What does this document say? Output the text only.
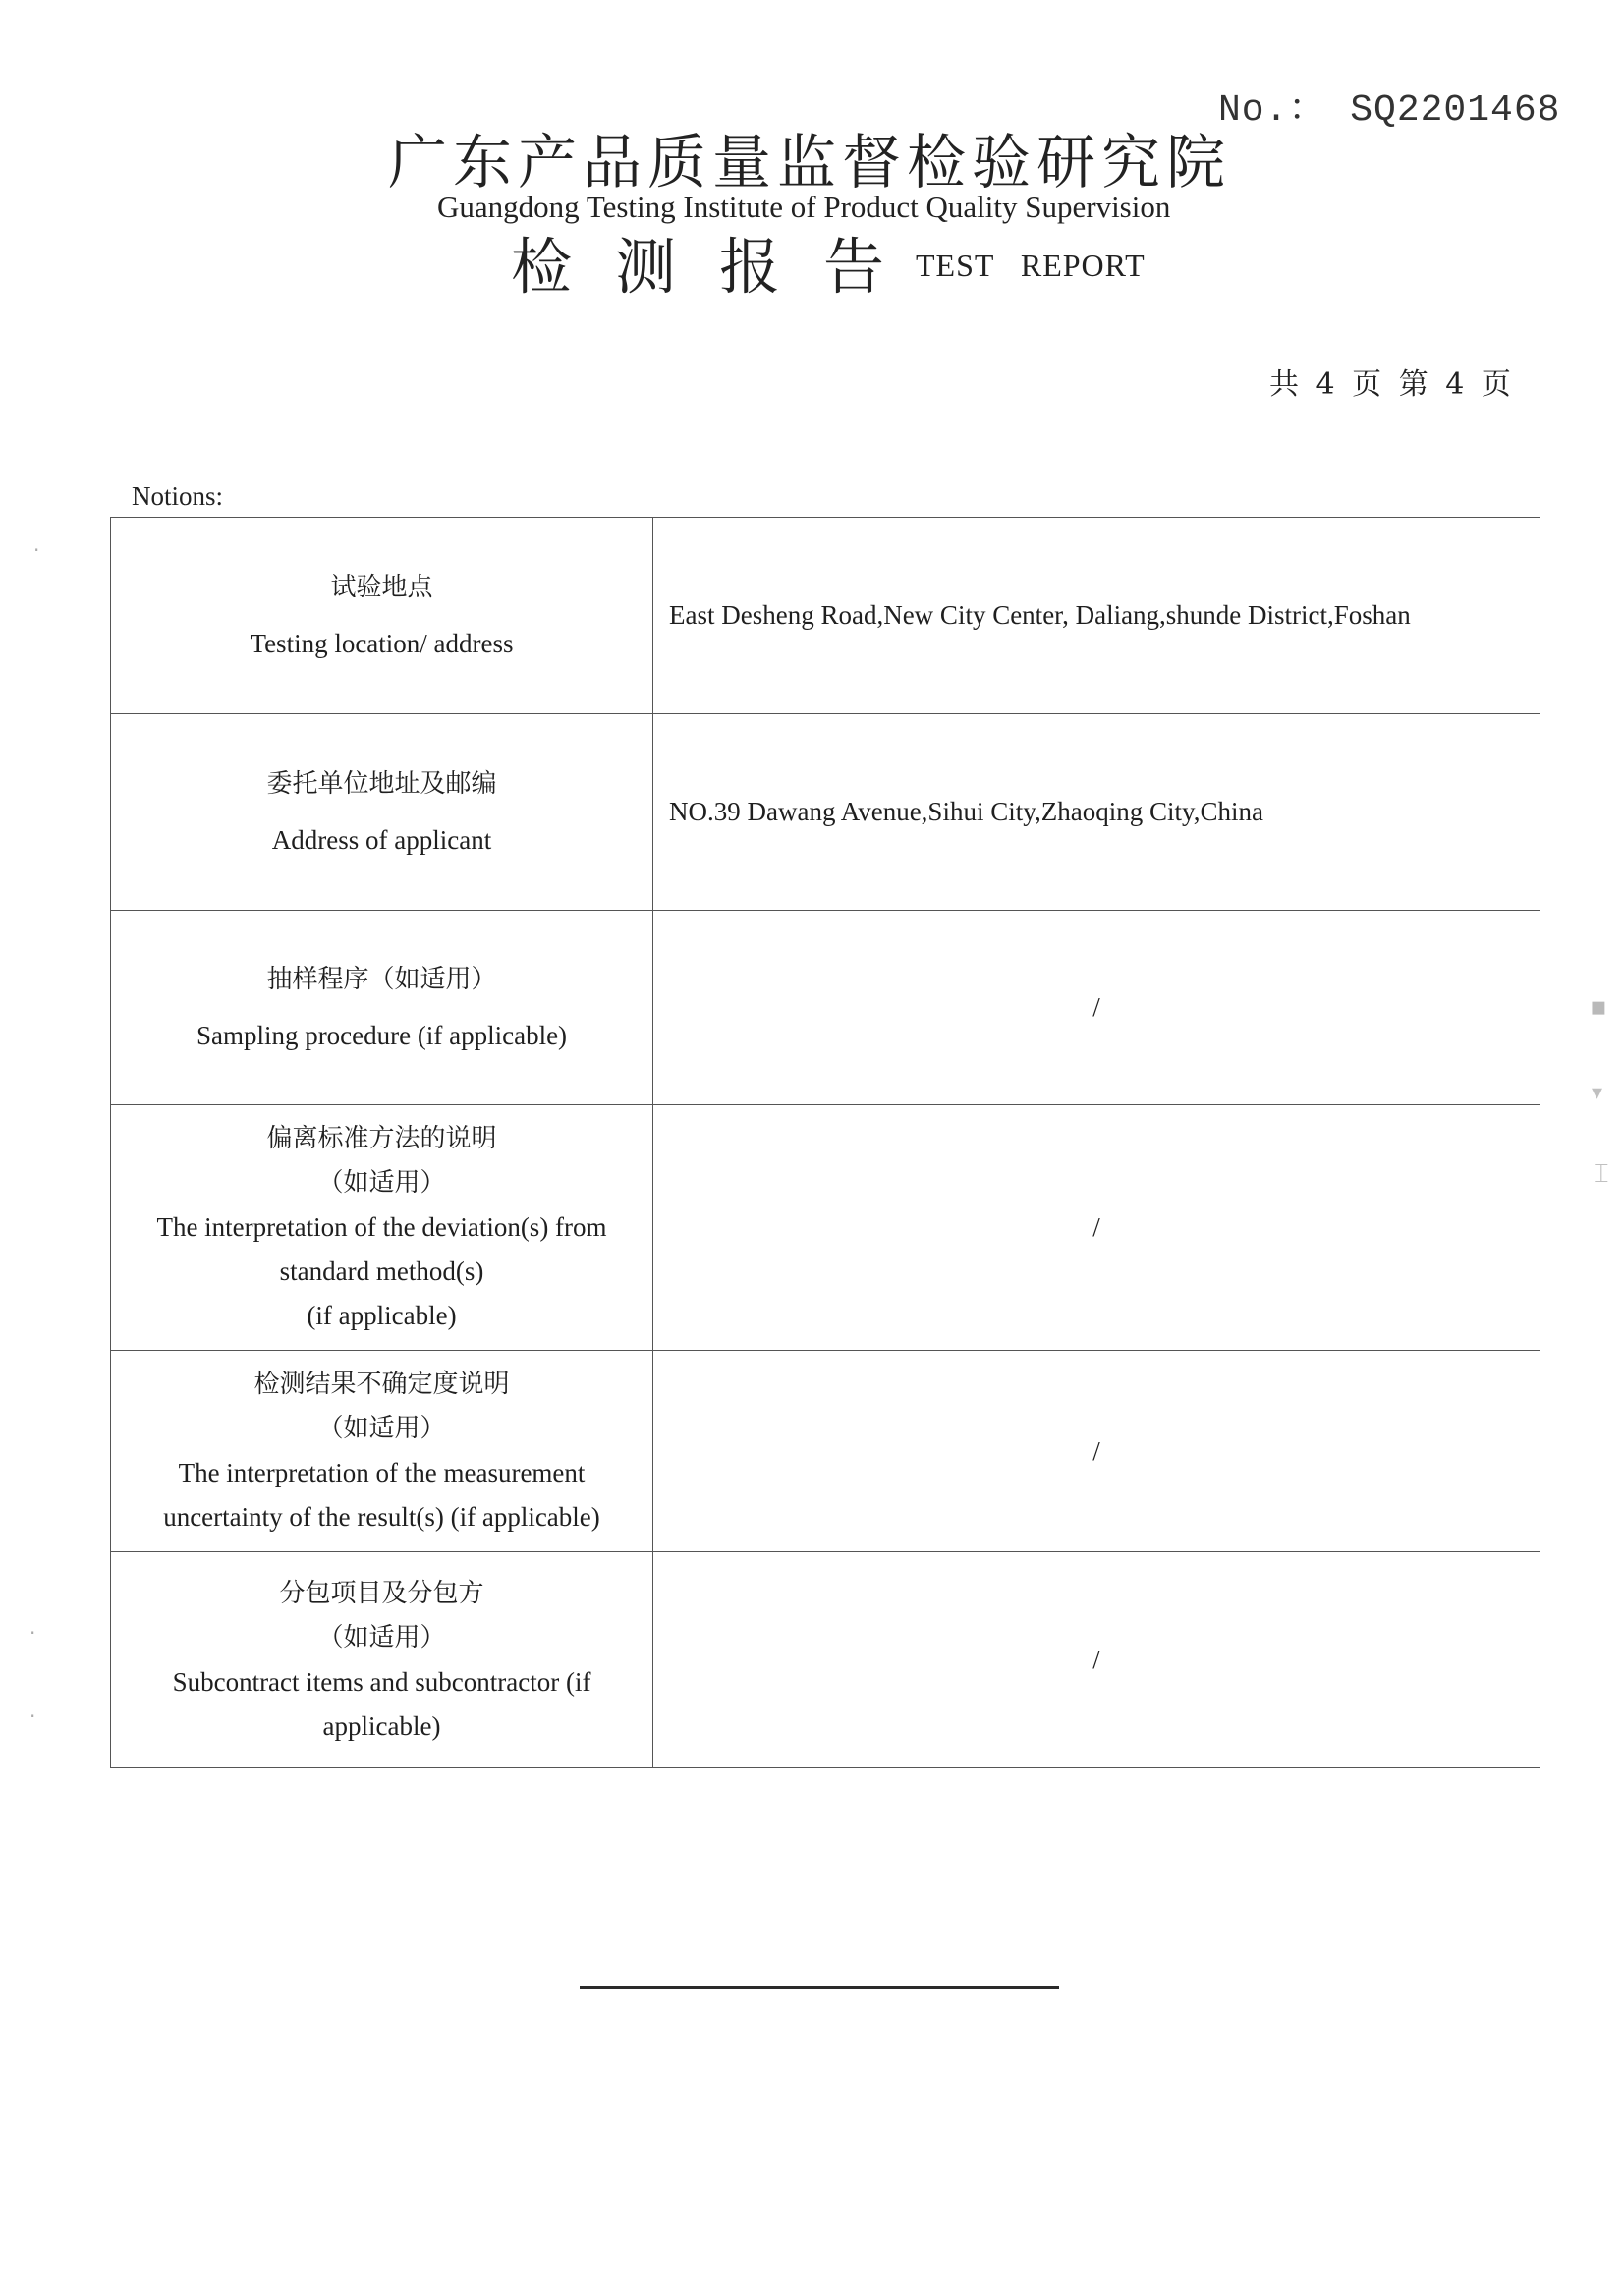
No.： SQ2201468
广东产品质量监督检验研究院
Guangdong Testing Institute of Product Quality Supervision
检测报告
TEST REPORT
共 4 页 第 4 页
Notions:
试验地点
Testing location/ address	East Desheng Road,New City Center, Daliang,shunde District,Foshan

委托单位地址及邮编
Address of applicant	NO.39 Dawang Avenue,Sihui City,Zhaoqing City,China

抽样程序（如适用）
Sampling procedure (if applicable)	/

偏离标准方法的说明
（如适用）
The interpretation of the deviation(s) from standard method(s)
(if applicable)	/

检测结果不确定度说明
（如适用）
The interpretation of the measurement uncertainty of the result(s) (if applicable)	/

分包项目及分包方
（如适用）
Subcontract items and subcontractor (if applicable)	/
·
·
·
▪
▾
⌶
